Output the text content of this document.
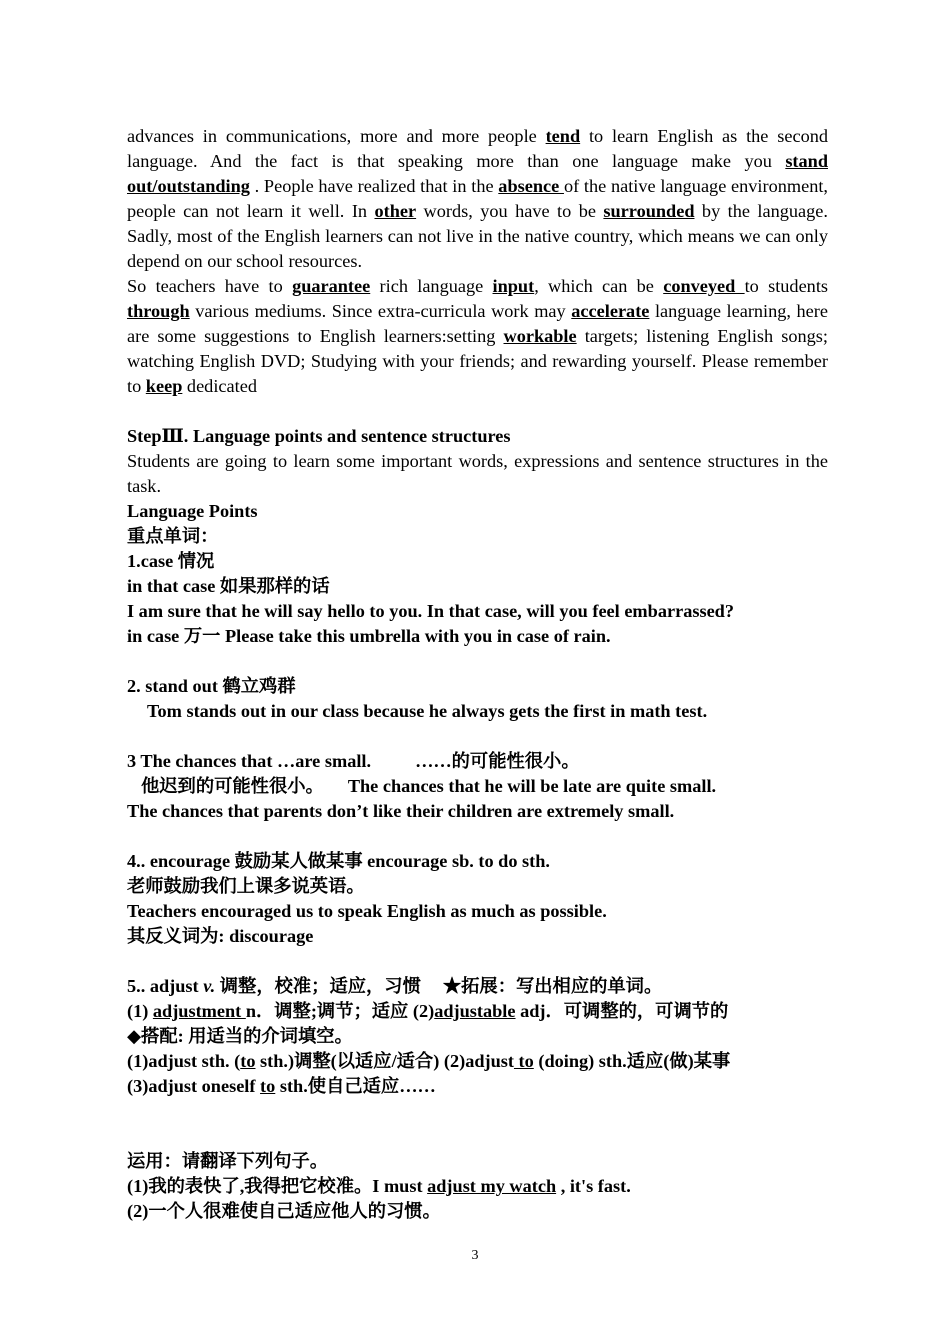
advances in communications, more and more people tend to learn English as the second language. And the fact is that speaking more than one language make you stand out/outstanding . People have realized that in the absence of the native language environment, people can not learn it well. In other words, you have to be surrounded by the language. Sadly, most of the English learners can not live in the native country, which means we can only depend on our school resources.

So teachers have to guarantee rich language input, which can be conveyed to students through various mediums. Since extra-curricula work may accelerate language learning, here are some suggestions to English learners:setting workable targets; listening English songs; watching English DVD; Studying with your friends; and rewarding yourself. Please remember to keep dedicated

StepⅢ. Language points and sentence structures

Students are going to learn some important words, expressions and sentence structures in the task.

Language Points

重点单词：

1.case 情况

in that case 如果那样的话

I am sure that he will say hello to you. In that case, will you feel embarrassed?

in case 万一 Please take this umbrella with you in case of rain.

2. stand out 鹤立鸡群

Tom stands out in our class because he always gets the first in math test.

3 The chances that …are small. ……的可能性很小。

他迟到的可能性很小。 The chances that he will be late are quite small.

The chances that parents don’t like their children are extremely small.

4.. encourage 鼓励某人做某事 encourage sb. to do sth.

老师鼓励我们上课多说英语。

Teachers encouraged us to speak English as much as possible.

其反义词为: discourage

5.. adjust v. 调整，校准；适应，习惯 ★拓展：写出相应的单词。

(1) adjustment n．调整;调节；适应 (2)adjustable adj．可调整的，可调节的

◆搭配: 用适当的介词填空。

(1)adjust sth. (to sth.)调整(以适应/适合) (2)adjust to (doing) sth.适应(做)某事

(3)adjust oneself to sth.使自己适应……

运用：请翻译下列句子。

(1)我的表快了,我得把它校准。I must adjust my watch , it's fast.

(2)一个人很难使自己适应他人的习惯。

3
